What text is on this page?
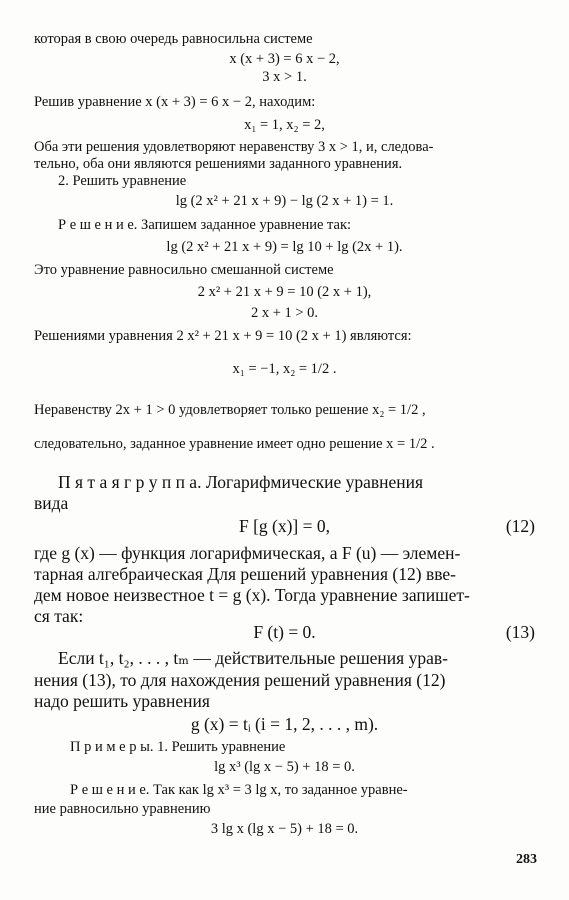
которая в свою очередь равносильна системе
x (x + 3) = 6 x − 2,
3 x > 1.
Решив уравнение x (x + 3) = 6 x − 2, находим:
x₁ = 1, x₂ = 2,
Оба эти решения удовлетворяют неравенству 3 x > 1, и, следова-
тельно, оба они являются решениями заданного уравнения.
2. Решить уравнение
lg (2 x² + 21 x + 9) − lg (2 x + 1) = 1.
Р е ш е н и е. Запишем заданное уравнение так:
lg (2 x² + 21 x + 9) = lg 10 + lg (2x + 1).
Это уравнение равносильно смешанной системе
2 x² + 21 x + 9 = 10 (2 x + 1),
2 x + 1 > 0.
Решениями уравнения 2 x² + 21 x + 9 = 10 (2 x + 1) являются:
x₁ = −1, x₂ = 1/2 .
Неравенству 2x + 1 > 0 удовлетворяет только решение x₂ = 1/2 ,
следовательно, заданное уравнение имеет одно решение x = 1/2 .
П я т а я г р у п п а. Логарифмические уравнения
вида
F [g (x)] = 0,	(12)
где g (x) — функция логарифмическая, а F (u) — элемен-
тарная алгебраическая Для решений уравнения (12) вве-
дем новое неизвестное t = g (x). Тогда уравнение запишет-
ся так:
F (t) = 0.	(13)
Если t₁, t₂, . . . , tₘ — действительные решения урав-
нения (13), то для нахождения решений уравнения (12)
надо решить уравнения
g (x) = tᵢ (i = 1, 2, . . . , m).
П р и м е р ы. 1. Решить уравнение
lg x³ (lg x − 5) + 18 = 0.
Р е ш е н и е. Так как lg x³ = 3 lg x, то заданное уравне-
ние равносильно уравнению
3 lg x (lg x − 5) + 18 = 0.
283
